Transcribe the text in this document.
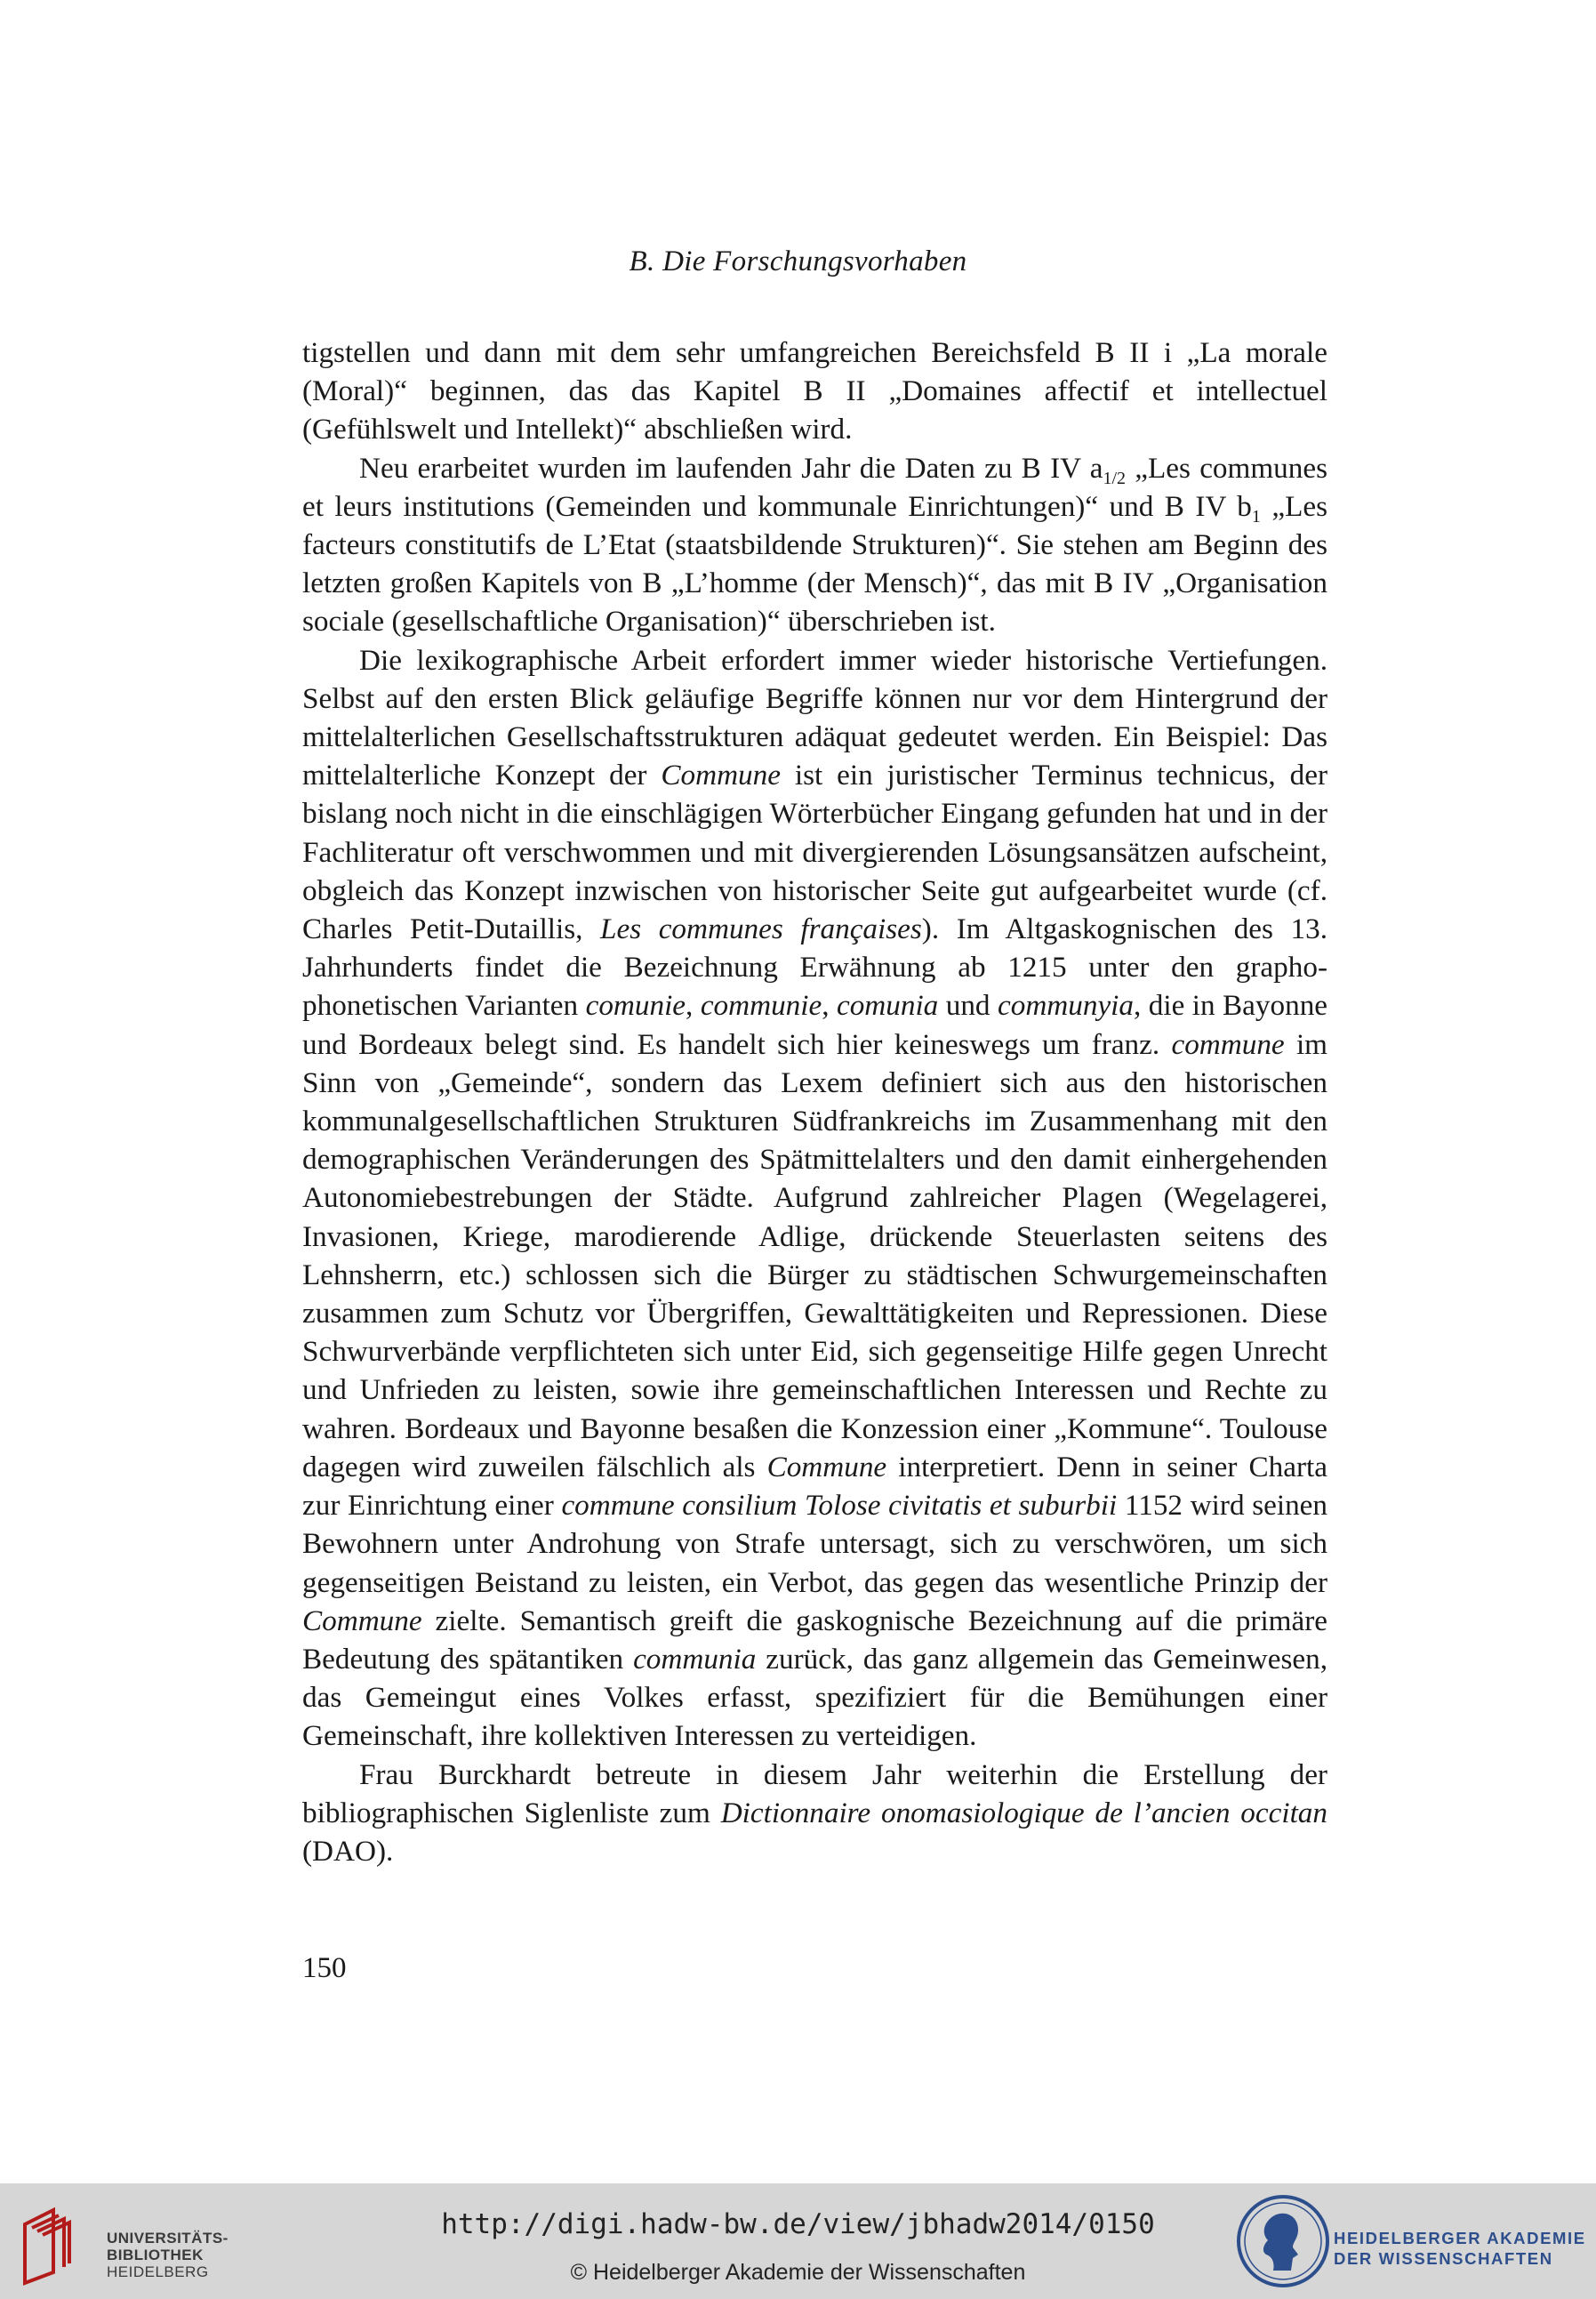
B. Die Forschungsvorhaben

tigstellen und dann mit dem sehr umfangreichen Bereichsfeld B II i „La morale (Moral)“ beginnen, das das Kapitel B II „Domaines affectif et intellectuel (Gefühlswelt und Intellekt)“ abschließen wird.

Neu erarbeitet wurden im laufenden Jahr die Daten zu B IV $a_{1/2}$ „Les communes et leurs institutions (Gemeinden und kommunale Einrichtungen)“ und B IV $b_1$ „Les facteurs constitutifs de L’Etat (staatsbildende Strukturen)“. Sie stehen am Beginn des letzten großen Kapitels von B „L’homme (der Mensch)“, das mit B IV „Organisation sociale (gesellschaftliche Organisation)“ überschrieben ist.

Die lexikographische Arbeit erfordert immer wieder historische Vertiefungen. Selbst auf den ersten Blick geläufige Begriffe können nur vor dem Hintergrund der mittelalterlichen Gesellschaftsstrukturen adäquat gedeutet werden. Ein Beispiel: Das mittelalterliche Konzept der Commune ist ein juristischer Terminus technicus, der bislang noch nicht in die einschlägigen Wörterbücher Eingang gefunden hat und in der Fachliteratur oft verschwommen und mit divergierenden Lösungsansätzen aufscheint, obgleich das Konzept inzwischen von historischer Seite gut aufgearbeitet wurde (cf. Charles Petit-Dutaillis, Les communes françaises). Im Altgaskognischen des 13. Jahrhunderts findet die Bezeichnung Erwähnung ab 1215 unter den grapho-phonetischen Varianten comunie, communie, comunia und communyia, die in Bayonne und Bordeaux belegt sind. Es handelt sich hier keineswegs um franz. commune im Sinn von „Gemeinde“, sondern das Lexem definiert sich aus den historischen kommunalgesellschaftlichen Strukturen Südfrankreichs im Zusammenhang mit den demographischen Veränderungen des Spätmittelalters und den damit einhergehenden Autonomiebestrebungen der Städte. Aufgrund zahlreicher Plagen (Wegelagerei, Invasionen, Kriege, marodierende Adlige, drückende Steuerlasten seitens des Lehnsherrn, etc.) schlossen sich die Bürger zu städtischen Schwurgemeinschaften zusammen zum Schutz vor Übergriffen, Gewalttätigkeiten und Repressionen. Diese Schwurverbände verpflichteten sich unter Eid, sich gegenseitige Hilfe gegen Unrecht und Unfrieden zu leisten, sowie ihre gemeinschaftlichen Interessen und Rechte zu wahren. Bordeaux und Bayonne besaßen die Konzession einer „Kommune“. Toulouse dagegen wird zuweilen fälschlich als Commune interpretiert. Denn in seiner Charta zur Einrichtung einer commune consilium Tolose civitatis et suburbii 1152 wird seinen Bewohnern unter Androhung von Strafe untersagt, sich zu verschwören, um sich gegenseitigen Beistand zu leisten, ein Verbot, das gegen das wesentliche Prinzip der Commune zielte. Semantisch greift die gaskognische Bezeichnung auf die primäre Bedeutung des spätantiken communia zurück, das ganz allgemein das Gemeinwesen, das Gemeingut eines Volkes erfasst, spezifiziert für die Bemühungen einer Gemeinschaft, ihre kollektiven Interessen zu verteidigen.

Frau Burckhardt betreute in diesem Jahr weiterhin die Erstellung der bibliographischen Siglenliste zum Dictionnaire onomasiologique de l’ancien occitan (DAO).

150
UNIVERSITÄTS-
BIBLIOTHEK
HEIDELBERG
http://digi.hadw-bw.de/view/jbhadw2014/0150
© Heidelberger Akademie der Wissenschaften
HEIDELBERGER AKADEMIE
DER WISSENSCHAFTEN
